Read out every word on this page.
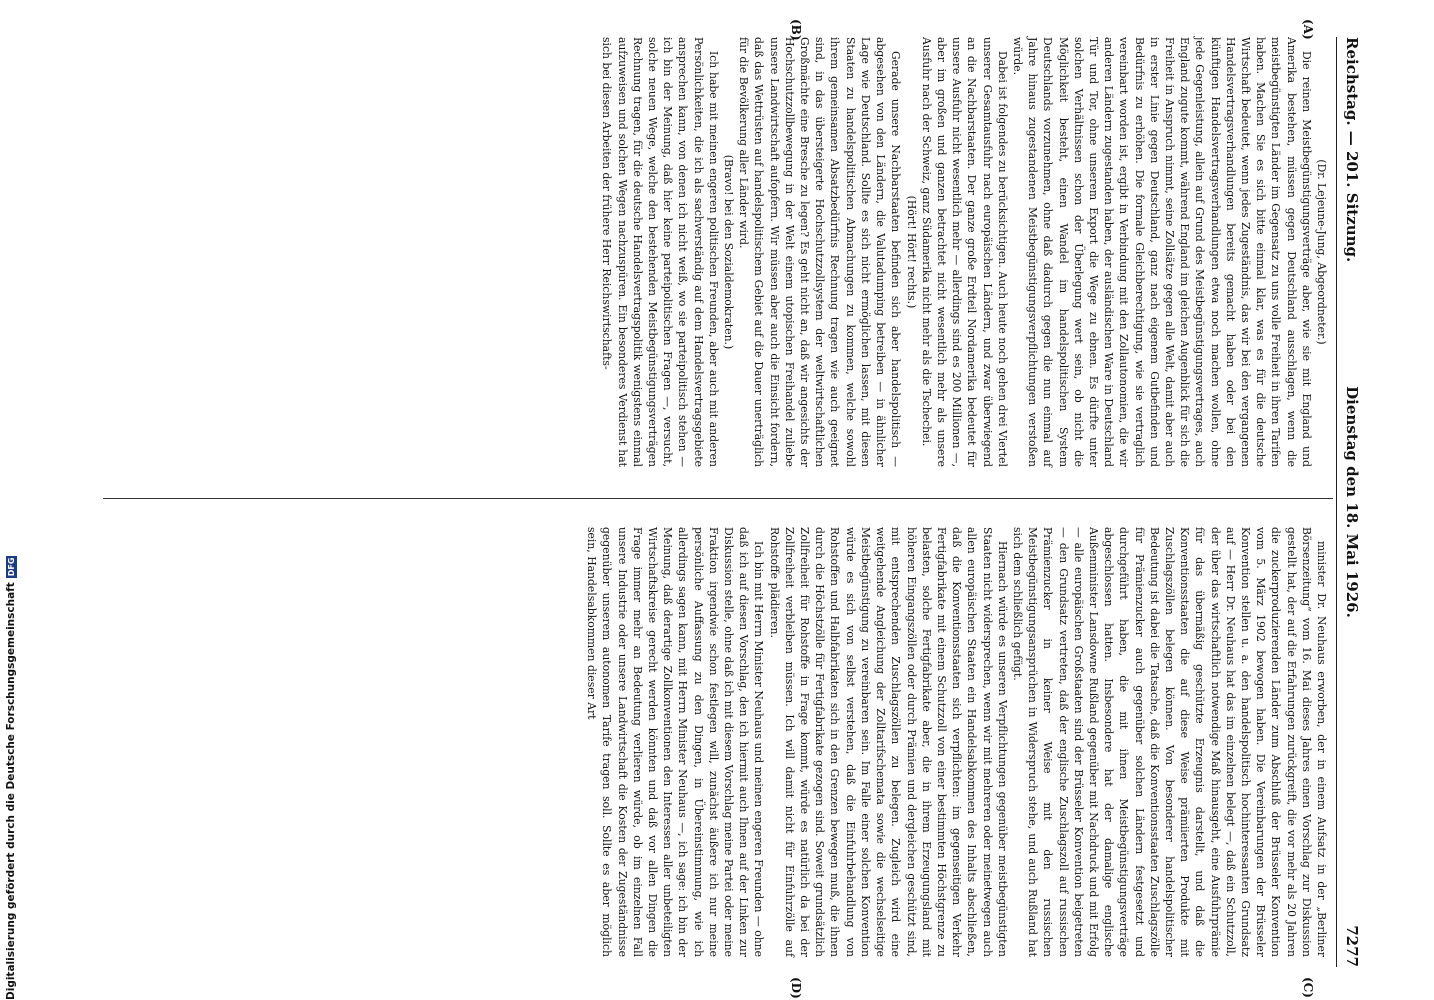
Reichstag. — 201. Sitzung.
Dienstag den 18. Mai 1926.
7277
(A)
(B)
(C)
(D)

(Dr. Lejeune-Jung, Abgeordneter.)

Die reinen Meistbegünstigungsverträge aber, wie sie mit England und Amerika bestehen, müssen gegen Deutschland ausschlagen, wenn die meistbegünstigten Länder im Gegensatz zu uns volle Freiheit in ihren Tarifen haben. Machen Sie es sich bitte einmal klar, was es für die deutsche Wirtschaft bedeutet, wenn jedes Zugeständnis, das wir bei den vergangenen Handelsvertragsverhandlungen bereits gemacht haben oder bei den künftigen Handelsvertragsverhandlungen etwa noch machen wollen, ohne jede Gegenleistung, allein auf Grund des Meistbegünstigungsvertrages, auch England zugute kommt, während England im gleichen Augenblick für sich die Freiheit in Anspruch nimmt, seine Zollsätze gegen alle Welt, damit aber auch in erster Linie gegen Deutschland, ganz nach eigenem Gutbefinden und Bedürfnis zu erhöhen. Die formale Gleichberechtigung, wie sie vertraglich vereinbart worden ist, ergibt in Verbindung mit den Zollautonomien, die wir anderen Ländern zugestanden haben, der ausländischen Ware in Deutschland Tür und Tor, ohne unserem Export die Wege zu ebnen. Es dürfte unter solchen Verhältnissen schon der Überlegung wert sein, ob nicht die Möglichkeit besteht, einen Wandel im handelspolitischen System Deutschlands vorzunehmen, ohne daß dadurch gegen die nun einmal auf Jahre hinaus zugestandenen Meistbegünstigungsverpflichtungen verstoßen würde.

Dabei ist folgendes zu berücksichtigen. Auch heute noch gehen drei Viertel unserer Gesamtausfuhr nach europäischen Ländern, und zwar überwiegend an die Nachbarstaaten. Der ganze große Erdteil Nordamerika bedeutet für unsere Ausfuhr nicht wesentlich mehr — allerdings sind es 200 Millionen —, aber im großen und ganzen betrachtet nicht wesentlich mehr als unsere Ausfuhr nach der Schweiz, ganz Südamerika nicht mehr als die Tschechei.

(Hört! Hört! rechts.)

Gerade unsere Nachbarstaaten befinden sich aber handelspolitisch — abgesehen von den Ländern, die Valutadumping betreiben — in ähnlicher Lage wie Deutschland. Sollte es sich nicht ermöglichen lassen, mit diesen Staaten zu handelspolitischen Abmachungen zu kommen, welche sowohl ihrem gemeinsamen Absatzbedürfnis Rechnung tragen wie auch geeignet sind, in das übersteigerte Hochschutzzollsystem der weltwirtschaftlichen Großmächte eine Bresche zu legen? Es geht nicht an, daß wir angesichts der Hochschutzzollbewegung in der Welt einem utopischen Freihandel zuliebe unsere Landwirtschaft aufopfern. Wir müssen aber auch die Einsicht fordern, daß das Wettrüsten auf handelspolitischem Gebiet auf die Dauer unerträglich für die Bevölkerung aller Länder wird.

(Bravo! bei den Sozialdemokraten.)

Ich habe mit meinen engeren politischen Freunden, aber auch mit anderen Persönlichkeiten, die ich als sachverständig auf dem Handelsvertragsgebiete ansprechen kann, von denen ich nicht weiß, wo sie parteipolitisch stehen — ich bin der Meinung, daß hier keine parteipolitischen Fragen —, versucht, solche neuen Wege, welche den bestehenden Meistbegünstigungsverträgen Rechnung tragen, für die deutsche Handelsvertragspolitik wenigstens einmal aufzuweisen und solchen Wegen nachzuspüren. Ein besonderes Verdienst hat sich bei diesen Arbeiten der frühere Herr Reichswirtschafts-

minister Dr. Neuhaus erworben, der in einem Aufsatz in der „Berliner Börsenzeitung“ vom 16. Mai dieses Jahres einen Vorschlag zur Diskussion gestellt hat, der auf die Erfahrungen zurückgreift, die vor mehr als 20 Jahren die zuckerproduzierenden Länder zum Abschluß der Brüsseler Konvention vom 5. März 1902 bewogen haben. Die Vereinbarungen der Brüsseler Konvention stellen u. a. den handelspolitisch hochinteressanten Grundsatz auf — Herr Dr. Neuhaus hat das im einzelnen belegt —, daß ein Schutzzoll, der über das wirtschaftlich notwendige Maß hinausgeht, eine Ausfuhrprämie für das übermäßig geschützte Erzeugnis darstellt, und daß die Konventionsstaaten die auf diese Weise prämiierten Produkte mit Zuschlagszöllen belegen können. Von besonderer handelspolitischer Bedeutung ist dabei die Tatsache, daß die Konventionsstaaten Zuschlagszölle für Prämienzucker auch gegenüber solchen Ländern festgesetzt und durchgeführt haben, die mit ihnen Meistbegünstigungsverträge abgeschlossen hatten. Insbesondere hat der damalige englische Außenminister Lansdowne Rußland gegenüber mit Nachdruck und mit Erfolg — alle europäischen Großstaaten sind der Brüsseler Konvention beigetreten — den Grundsatz vertreten, daß der englische Zuschlagszoll auf russischen Prämienzucker in keiner Weise mit den russischen Meistbegünstigungsansprüchen in Widerspruch stehe, und auch Rußland hat sich dem schließlich gefügt.

Hiernach würde es unseren Verpflichtungen gegenüber meistbegünstigten Staaten nicht widersprechen, wenn wir mit mehreren oder meinetwegen auch allen europäischen Staaten ein Handelsabkommen des Inhalts abschließen, daß die Konventionsstaaten sich verpflichten: im gegenseitigen Verkehr Fertigfabrikate mit einem Schutzzoll von einer bestimmten Höchstgrenze zu belasten, solche Fertigfabrikate aber, die in ihrem Erzeugungsland mit höheren Eingangszöllen oder durch Prämien und dergleichen geschützt sind, mit entsprechenden Zuschlagszöllen zu belegen. Zugleich wird eine weitgehende Angleichung der Zolltarifschemata sowie die wechselseitige Meistbegünstigung zu vereinbaren sein. Im Falle einer solchen Konvention würde es sich von selbst verstehen, daß die Einfuhrbehandlung von Rohstoffen und Halbfabrikaten sich in den Grenzen bewegen muß, die ihnen durch die Höchstzölle für Fertigfabrikate gezogen sind. Soweit grundsätzlich Zollfreiheit für Rohstoffe in Frage kommt, würde es natürlich da bei der Zollfreiheit verbleiben müssen. Ich will damit nicht für Einfuhrzölle auf Rohstoffe plädieren.

Ich bin mit Herrn Minister Neuhaus und meinen engeren Freunden — ohne daß ich auf diesen Vorschlag, den ich hiermit auch Ihnen auf der Linken zur Diskussion stelle, ohne daß ich mit diesem Vorschlag meine Partei oder meine Fraktion irgendwie schon festlegen will, zunächst äußere ich nur meine persönliche Auffassung zu den Dingen, in Übereinstimmung, wie ich allerdings sagen kann, mit Herrn Minister Neuhaus —, ich sage: ich bin der Meinung, daß derartige Zollkonventionen den Interessen aller unbeteiligten Wirtschaftskreise gerecht werden könnten und daß vor allen Dingen die Frage immer mehr an Bedeutung verlieren würde, ob im einzelnen Fall unsere Industrie oder unsere Landwirtschaft die Kosten der Zugeständnisse gegenüber unserem autonomen Tarife tragen soll. Sollte es aber möglich sein, Handelsabkommen dieser Art

Digitalisierung gefördert durch die Deutsche Forschungsgemeinschaft
DFG
